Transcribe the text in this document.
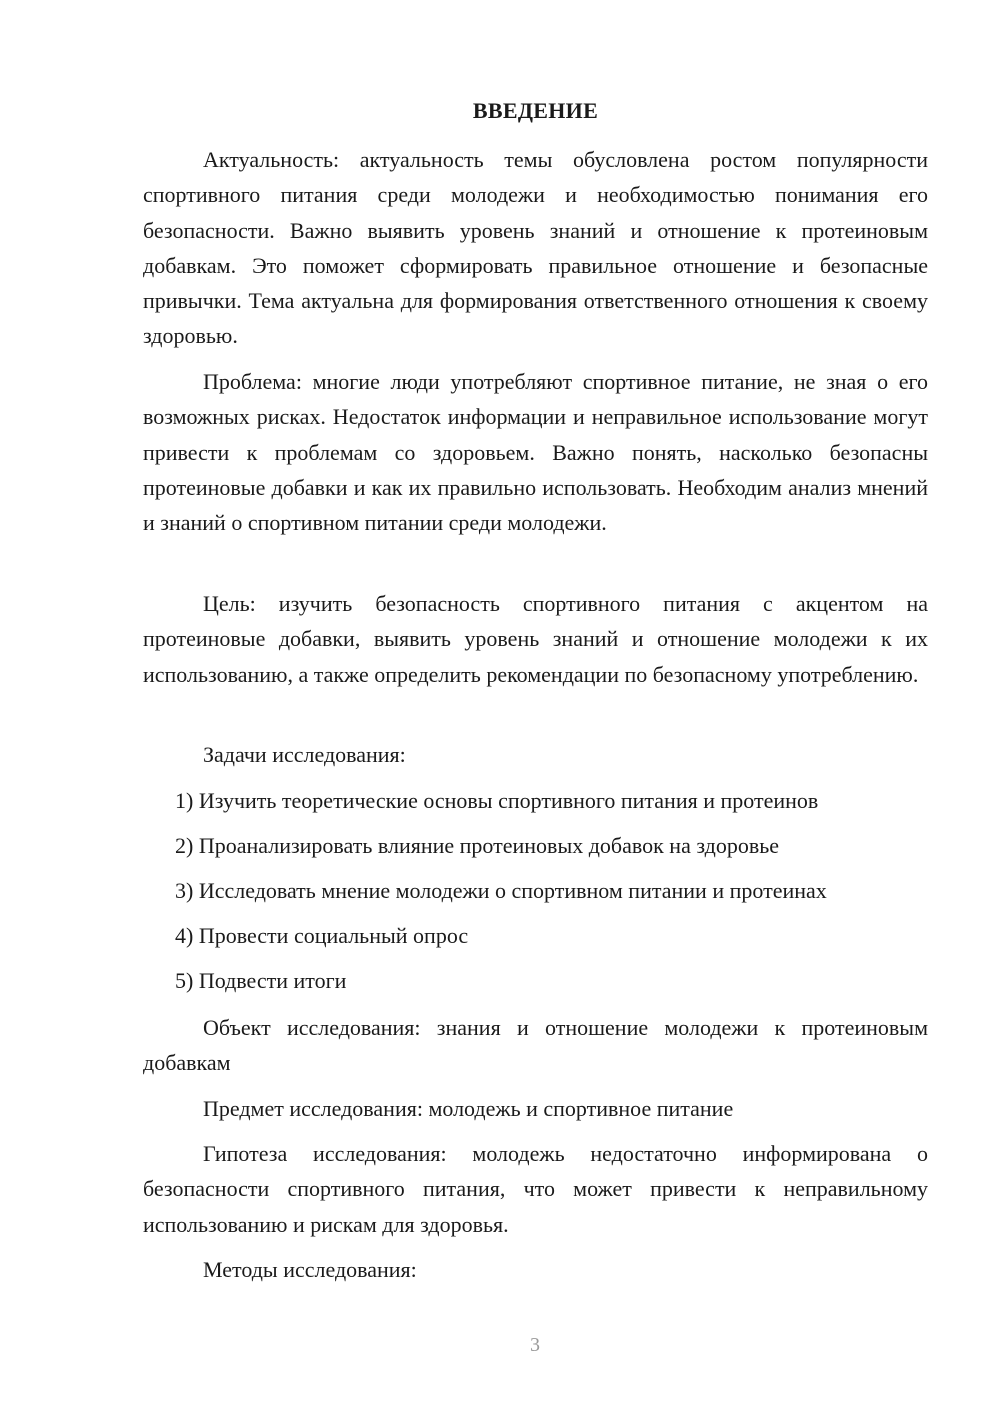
ВВЕДЕНИЕ

Актуальность: актуальность темы обусловлена ростом популярности спортивного питания среди молодежи и необходимостью понимания его безопасности. Важно выявить уровень знаний и отношение к протеиновым добавкам. Это поможет сформировать правильное отношение и безопасные привычки. Тема актуальна для формирования ответственного отношения к своему здоровью.

Проблема: многие люди употребляют спортивное питание, не зная о его возможных рисках. Недостаток информации и неправильное использование могут привести к проблемам со здоровьем. Важно понять, насколько безопасны протеиновые добавки и как их правильно использовать. Необходим анализ мнений и знаний о спортивном питании среди молодежи.

Цель: изучить безопасность спортивного питания с акцентом на протеиновые добавки, выявить уровень знаний и отношение молодежи к их использованию, а также определить рекомендации по безопасному употреблению.

Задачи исследования:

1) Изучить теоретические основы спортивного питания и протеинов
2) Проанализировать влияние протеиновых добавок на здоровье
3) Исследовать мнение молодежи о спортивном питании и протеинах
4) Провести социальный опрос
5) Подвести итоги

Объект исследования: знания и отношение молодежи к протеиновым добавкам

Предмет исследования: молодежь и спортивное питание

Гипотеза исследования: молодежь недостаточно информирована о безопасности спортивного питания, что может привести к неправильному использованию и рискам для здоровья.

Методы исследования:

3
